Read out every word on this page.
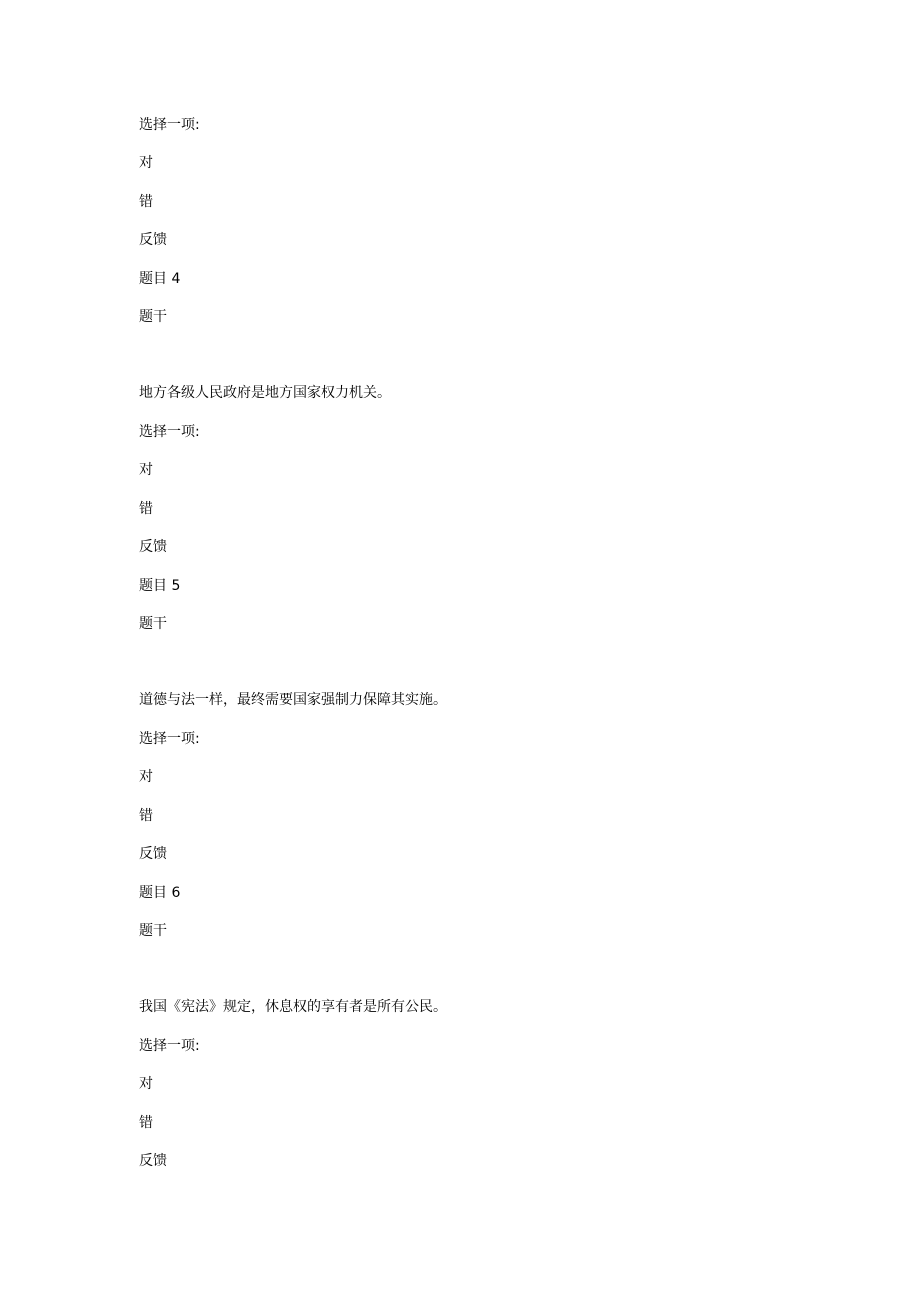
选择一项:
对
错
反馈
题目 4
题干
地方各级人民政府是地方国家权力机关。
选择一项:
对
错
反馈
题目 5
题干
道德与法一样，最终需要国家强制力保障其实施。
选择一项:
对
错
反馈
题目 6
题干
我国《宪法》规定，休息权的享有者是所有公民。
选择一项:
对
错
反馈
